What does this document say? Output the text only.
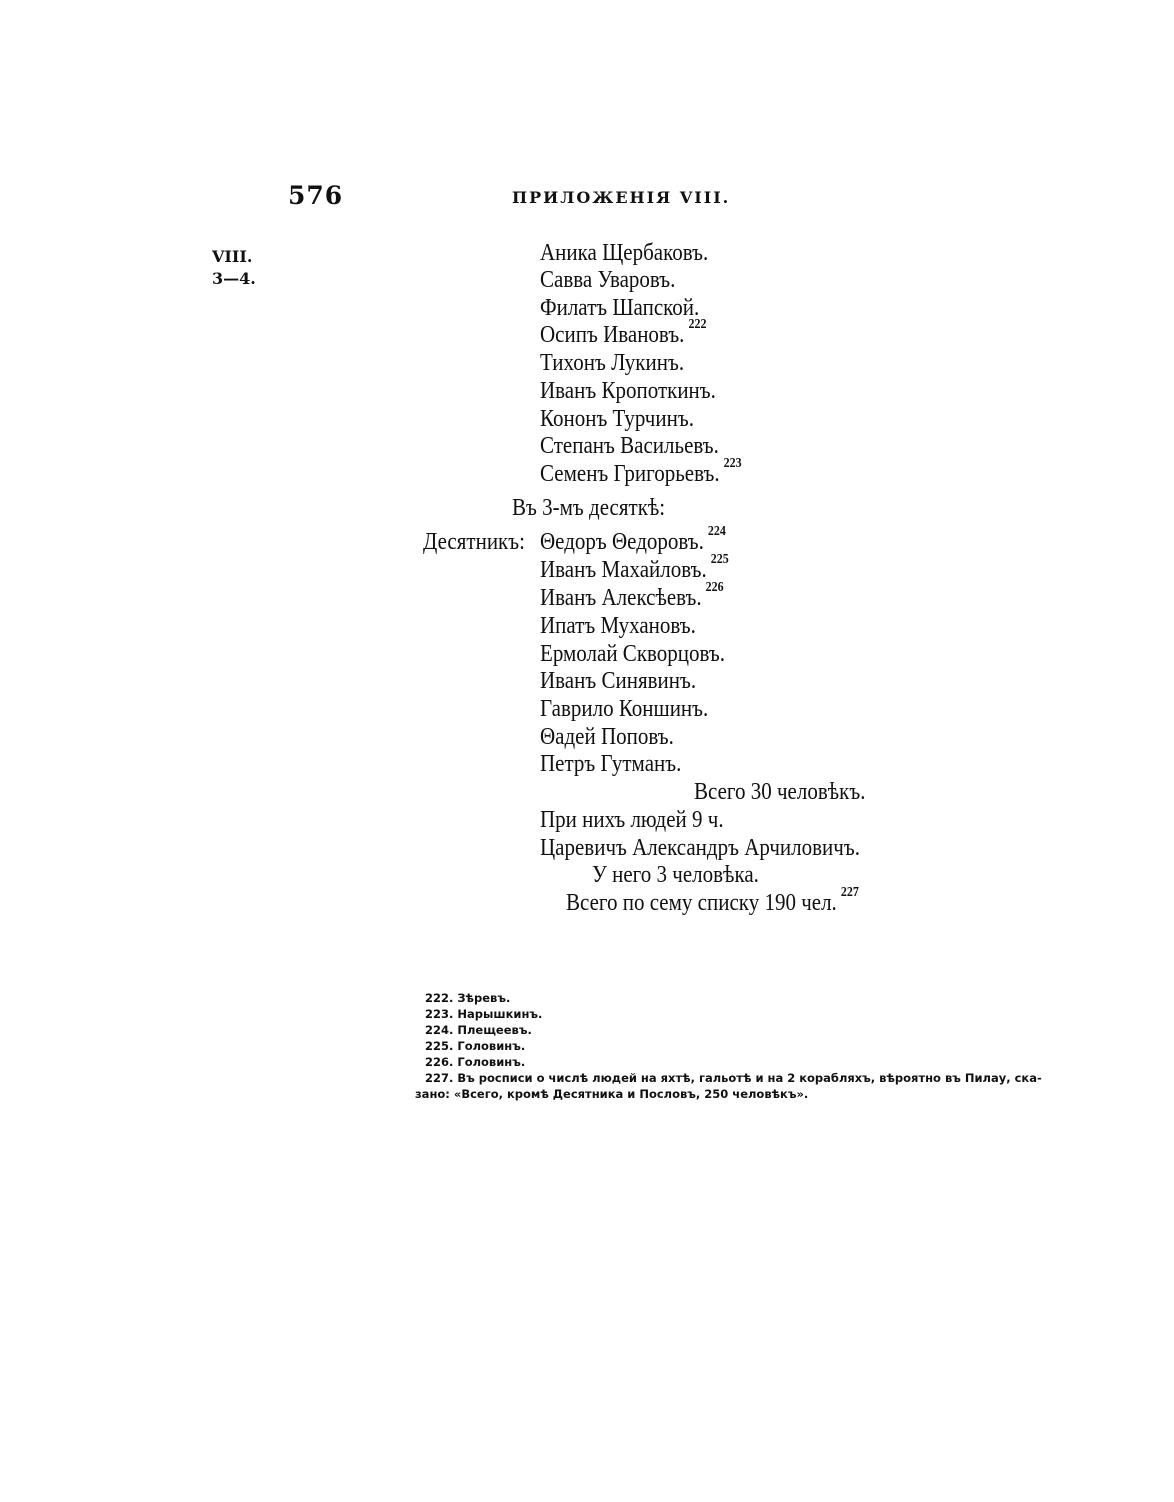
576	ПРИЛОЖЕНIЯ VIII.
VIII.
3—4.
Аника Щербаковъ.
Савва Уваровъ.
Филатъ Шапской.
Осипъ Ивановъ. $^{222}$
Тихонъ Лукинъ.
Иванъ Кропоткинъ.
Кононъ Турчинъ.
Степанъ Васильевъ.
Семенъ Григорьевъ. $^{223}$
Въ 3-мъ десяткѣ:
Десятникъ: Θедоръ Θедоровъ. $^{224}$
Иванъ Махайловъ. $^{225}$
Иванъ Алексѣевъ. $^{226}$
Ипатъ Мухановъ.
Ермолай Скворцовъ.
Иванъ Синявинъ.
Гаврило Коншинъ.
Θадей Поповъ.
Петръ Гутманъ.
Всего 30 человѣкъ.
При нихъ людей 9 ч.
Царевичъ Александръ Арчиловичъ.
У него 3 человѣка.
Всего по сему списку 190 чел. $^{227}$
222. Зѣревъ.
223. Нарышкинъ.
224. Плещеевъ.
225. Головинъ.
226. Головинъ.
227. Въ росписи о числѣ людей на яхтѣ, гальотѣ и на 2 корабляхъ, вѣроятно въ Пилау, ска-
зано: «Всего, кромѣ Десятника и Пословъ, 250 человѣкъ».
